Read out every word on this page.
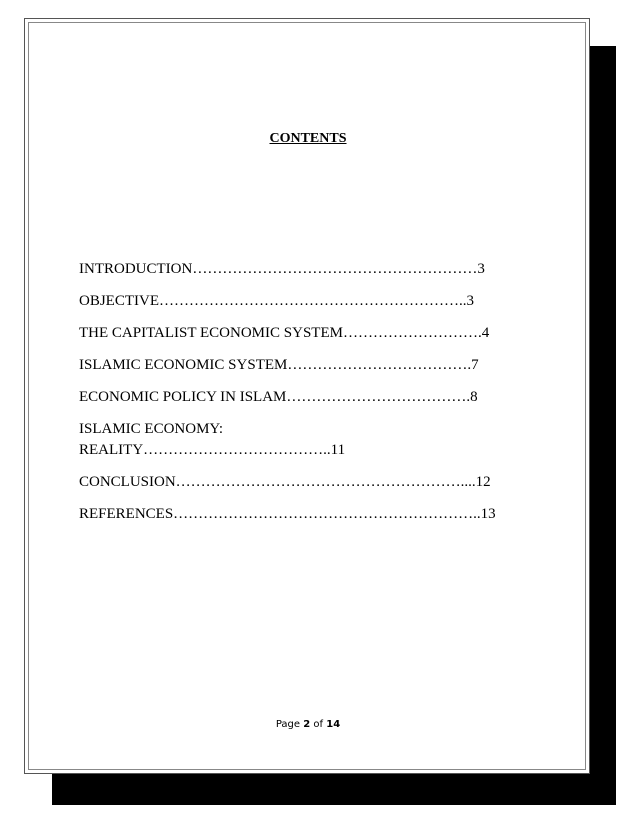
CONTENTS
INTRODUCTION…………………………………………………3
OBJECTIVE……………………………………………………..3
THE CAPITALIST ECONOMIC SYSTEM……………………….4
ISLAMIC ECONOMIC SYSTEM……………………………….7
ECONOMIC POLICY IN ISLAM……………………………….8
ISLAMIC ECONOMY: REALITY………………………………..11
CONCLUSION…………………………………………………....12
REFERENCES……………………………………………………..13
Page 2 of 14
